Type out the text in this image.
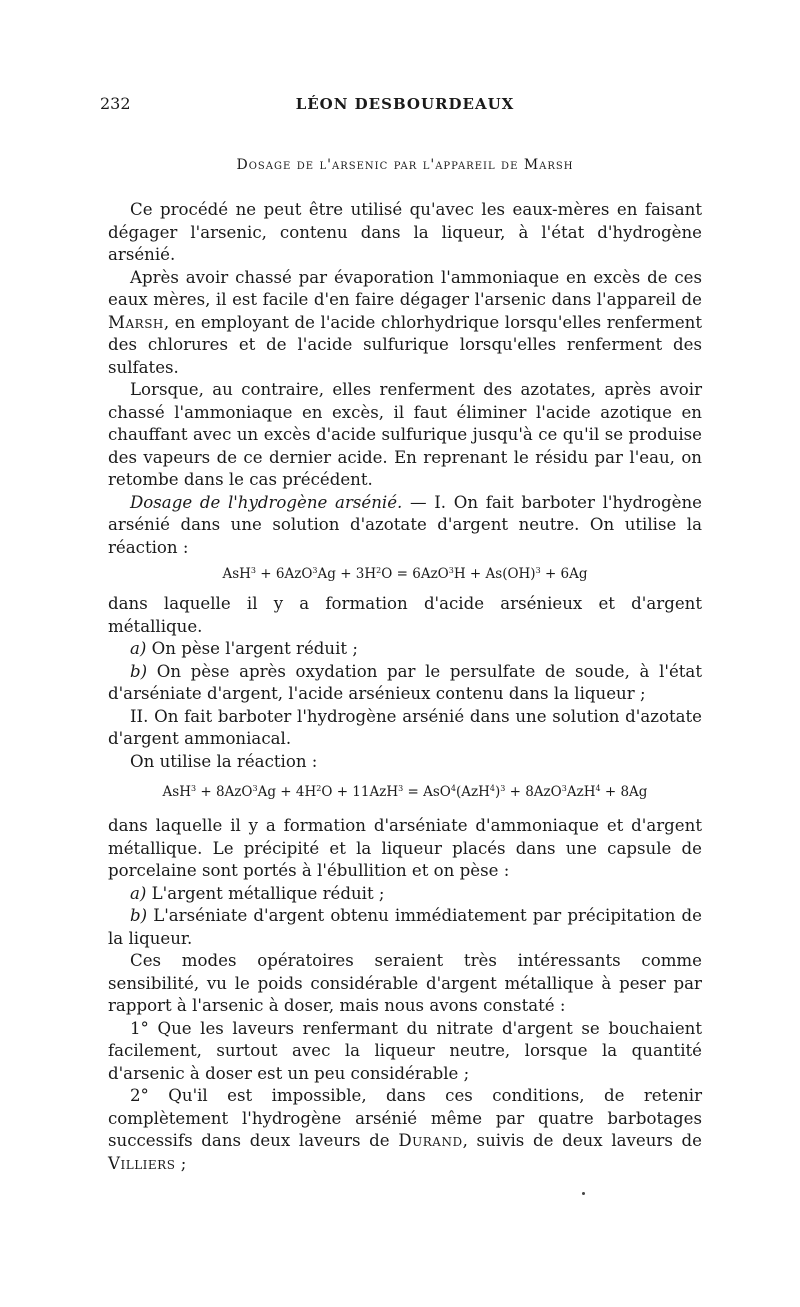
232	LÉON DESBOURDEAUX
Dosage de l'arsenic par l'appareil de Marsh

Ce procédé ne peut être utilisé qu'avec les eaux-mères en faisant dégager l'arsenic, contenu dans la liqueur, à l'état d'hydrogène arsénié.

Après avoir chassé par évaporation l'ammoniaque en excès de ces eaux mères, il est facile d'en faire dégager l'arsenic dans l'appareil de Marsh, en employant de l'acide chlorhydrique lorsqu'elles renferment des chlorures et de l'acide sulfurique lorsqu'elles renferment des sulfates.

Lorsque, au contraire, elles renferment des azotates, après avoir chassé l'ammoniaque en excès, il faut éliminer l'acide azotique en chauffant avec un excès d'acide sulfurique jusqu'à ce qu'il se produise des vapeurs de ce dernier acide. En reprenant le résidu par l'eau, on retombe dans le cas précédent.

Dosage de l'hydrogène arsénié. — I. On fait barboter l'hydrogène arsénié dans une solution d'azotate d'argent neutre. On utilise la réaction :

$AsH^3 + 6AzO^3Ag + 3H^2O = 6AzO^3H + As(OH)^3 + 6Ag$

dans laquelle il y a formation d'acide arsénieux et d'argent métallique.

a) On pèse l'argent réduit ;

b) On pèse après oxydation par le persulfate de soude, à l'état d'arséniate d'argent, l'acide arsénieux contenu dans la liqueur ;

II. On fait barboter l'hydrogène arsénié dans une solution d'azotate d'argent ammoniacal.

On utilise la réaction :

$AsH^3 + 8AzO^3Ag + 4H^2O + 11AzH^3 = AsO^4(AzH^4)^3 + 8AzO^3AzH^4 + 8Ag$

dans laquelle il y a formation d'arséniate d'ammoniaque et d'argent métallique. Le précipité et la liqueur placés dans une capsule de porcelaine sont portés à l'ébullition et on pèse :

a) L'argent métallique réduit ;

b) L'arséniate d'argent obtenu immédiatement par précipitation de la liqueur.

Ces modes opératoires seraient très intéressants comme sensibilité, vu le poids considérable d'argent métallique à peser par rapport à l'arsenic à doser, mais nous avons constaté :

1° Que les laveurs renfermant du nitrate d'argent se bouchaient facilement, surtout avec la liqueur neutre, lorsque la quantité d'arsenic à doser est un peu considérable ;

2° Qu'il est impossible, dans ces conditions, de retenir complètement l'hydrogène arsénié même par quatre barbotages successifs dans deux laveurs de Durand, suivis de deux laveurs de Villiers ;
